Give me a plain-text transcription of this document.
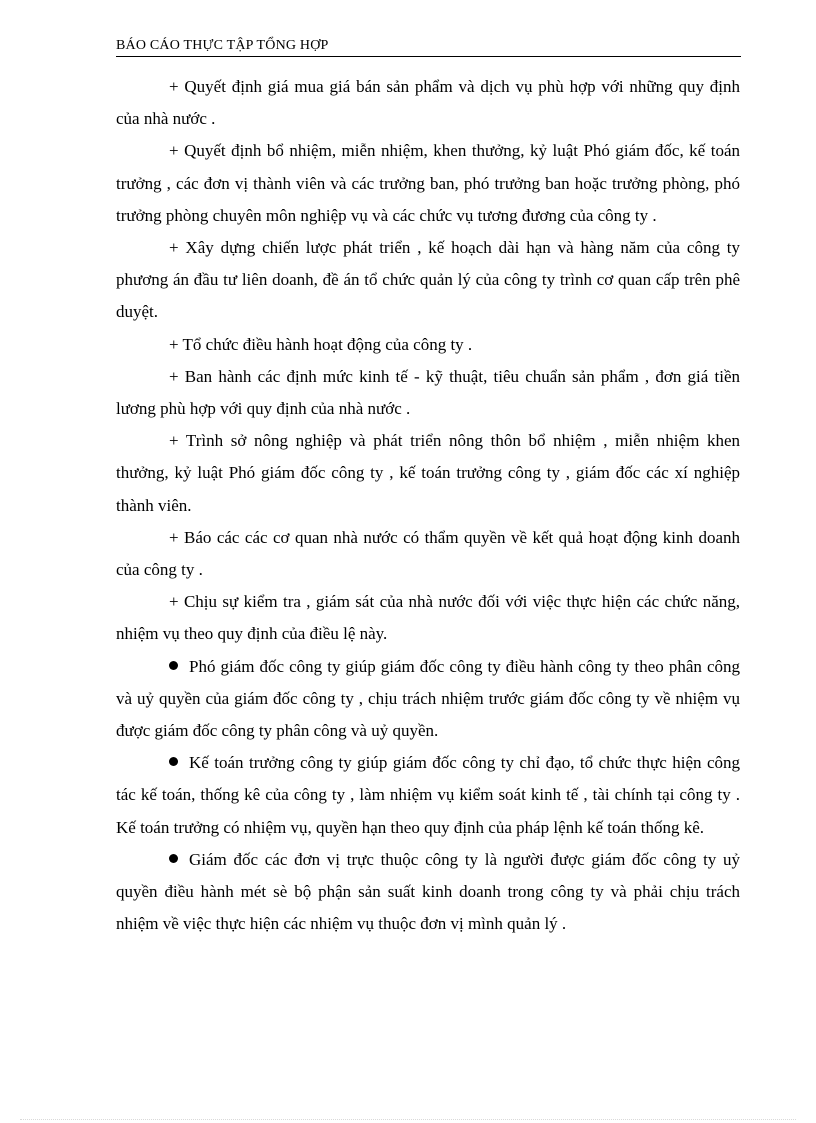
BÁO CÁO THỰC TẬP TỔNG HỢP

+ Quyết định giá mua giá bán sản phẩm và dịch vụ phù hợp với những quy định của nhà nước .

+ Quyết định bổ nhiệm, miễn nhiệm, khen thưởng, kỷ luật Phó giám đốc, kế toán trưởng , các đơn vị thành viên và các trưởng ban, phó trưởng ban hoặc trưởng phòng, phó trưởng phòng chuyên môn nghiệp vụ và các chức vụ tương đương của công ty .

+ Xây dựng chiến lược phát triển , kế hoạch dài hạn và hàng năm của công ty phương án đầu tư liên doanh, đề án tổ chức quản lý của công ty trình cơ quan cấp trên phê duyệt.

+ Tổ chức điều hành hoạt động của công ty .

+ Ban hành các định mức kinh tế - kỹ thuật, tiêu chuẩn sản phẩm , đơn giá tiền lương phù hợp với quy định của nhà nước .

+ Trình sở nông nghiệp và phát triển nông thôn bổ nhiệm , miễn nhiệm khen thưởng, kỷ luật Phó giám đốc công ty , kế toán trưởng công ty , giám đốc các xí nghiệp thành viên.

+ Báo các các cơ quan nhà nước có thẩm quyền về kết quả hoạt động kinh doanh của công ty .

+ Chịu sự kiểm tra , giám sát của nhà nước đối với việc thực hiện các chức năng, nhiệm vụ theo quy định của điều lệ này.

Phó giám đốc công ty giúp giám đốc công ty điều hành công ty theo phân công và uỷ quyền của giám đốc công ty , chịu trách nhiệm trước giám đốc công ty về nhiệm vụ được giám đốc công ty phân công và uỷ quyền.

Kế toán trưởng công ty giúp giám đốc công ty chỉ đạo, tổ chức thực hiện công tác kế toán, thống kê của công ty , làm nhiệm vụ kiểm soát kinh tế , tài chính tại công ty . Kế toán trưởng có nhiệm vụ, quyền hạn theo quy định của pháp lệnh kế toán thống kê.

Giám đốc các đơn vị trực thuộc công ty là người được giám đốc công ty uỷ quyền điều hành mét sè bộ phận sản suất kinh doanh trong công ty và phải chịu trách nhiệm về việc thực hiện các nhiệm vụ thuộc đơn vị mình quản lý .
